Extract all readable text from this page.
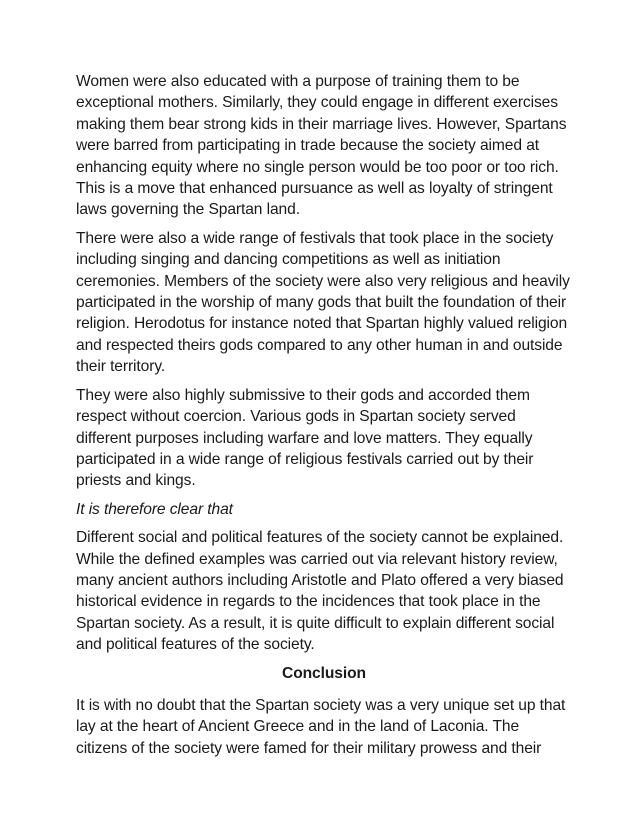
Women were also educated with a purpose of training them to be exceptional mothers. Similarly, they could engage in different exercises making them bear strong kids in their marriage lives. However, Spartans were barred from participating in trade because the society aimed at enhancing equity where no single person would be too poor or too rich. This is a move that enhanced pursuance as well as loyalty of stringent laws governing the Spartan land.

There were also a wide range of festivals that took place in the society including singing and dancing competitions as well as initiation ceremonies. Members of the society were also very religious and heavily participated in the worship of many gods that built the foundation of their religion. Herodotus for instance noted that Spartan highly valued religion and respected theirs gods compared to any other human in and outside their territory.

They were also highly submissive to their gods and accorded them respect without coercion. Various gods in Spartan society served different purposes including warfare and love matters. They equally participated in a wide range of religious festivals carried out by their priests and kings.

It is therefore clear that

Different social and political features of the society cannot be explained. While the defined examples was carried out via relevant history review, many ancient authors including Aristotle and Plato offered a very biased historical evidence in regards to the incidences that took place in the Spartan society. As a result, it is quite difficult to explain different social and political features of the society.

Conclusion

It is with no doubt that the Spartan society was a very unique set up that lay at the heart of Ancient Greece and in the land of Laconia. The citizens of the society were famed for their military prowess and their
